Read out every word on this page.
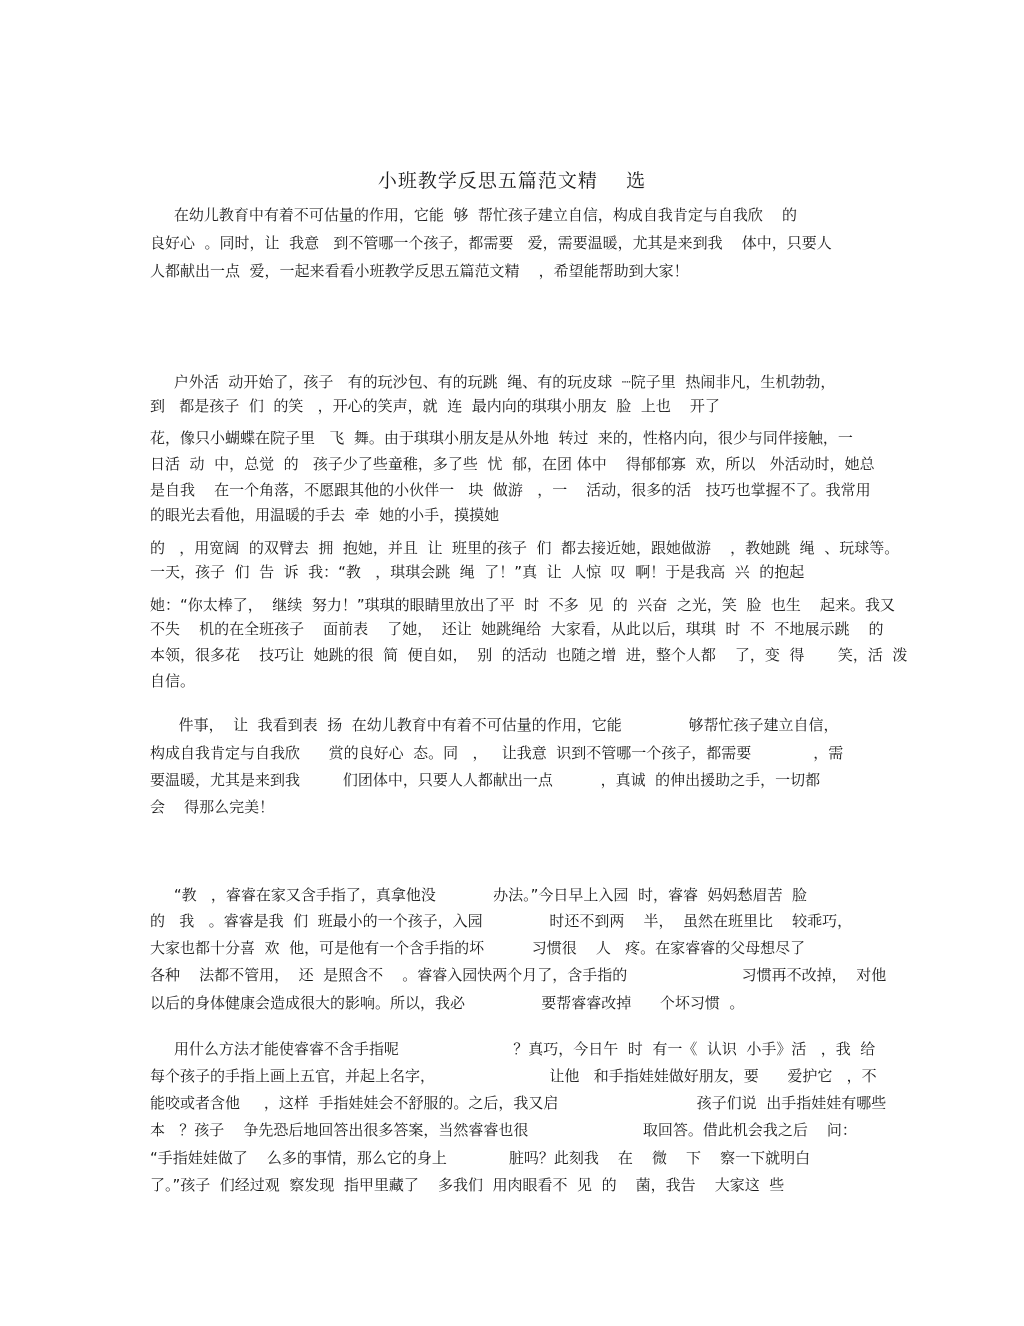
小班教学反思五篇范文精    选
在幼儿教育中有着不可估量的作用，它能  够  帮忙孩子建立自信，构成自我肯定与自我欣    的
良好心  。同时，让  我意   到不管哪一个孩子，都需要   爱，需要温暖，尤其是来到我    体中，只要人
人都献出一点  爱，一起来看看小班教学反思五篇范文精    ，希望能帮助到大家！
户外活  动开始了，孩子   有的玩沙包、有的玩跳  绳、有的玩皮球  ┈院子里  热闹非凡，生机勃勃，
到   都是孩子  们  的笑   ，开心的笑声，就  连  最内向的琪琪小朋友  脸  上也    开了
花，像只小蝴蝶在院子里   飞  舞。由于琪琪小朋友是从外地  转过  来的，性格内向，很少与同伴接触，一
日活  动  中，总觉  的   孩子少了些童稚，多了些  忧  郁，在团 体中    得郁郁寡  欢，所以   外活动时，她总
是自我    在一个角落，不愿跟其他的小伙伴一   块  做游   ，一    活动，很多的活   技巧也掌握不了。我常用
的眼光去看他，用温暖的手去  牵  她的小手，摸摸她
的   ，用宽阔  的双臂去  拥  抱她，并且  让  班里的孩子  们  都去接近她，跟她做游    ，教她跳  绳  、玩球等。
一天，孩子  们  告  诉  我：“教   ，琪琪会跳  绳  了！”真  让  人惊  叹  啊！于是我高  兴  的抱起
她：“你太棒了，  继续  努力！”琪琪的眼睛里放出了平  时  不多  见  的  兴奋  之光，笑  脸  也生    起来。我又
不失    机的在全班孩子    面前表    了她，  还让  她跳绳给  大家看，从此以后，琪琪  时  不  不地展示跳    的
本领，很多花    技巧让  她跳的很  简  便自如，  别  的活动  也随之增  进，整个人都    了，变  得       笑，活  泼
自信。
件事，  让  我看到表  扬  在幼儿教育中有着不可估量的作用，它能              够帮忙孩子建立自信，
构成自我肯定与自我欣      赏的良好心  态。同   ，   让我意  识到不管哪一个孩子，都需要             ，需
要温暖，尤其是来到我         们团体中，只要人人都献出一点          ，真诚  的伸出援助之手，一切都
会    得那么完美！
“教   ，睿睿在家又含手指了，真拿他没            办法。”今日早上入园  时，睿睿  妈妈愁眉苦  脸
的   我   。睿睿是我  们  班最小的一个孩子，入园              时还不到两    半，  虽然在班里比    较乖巧，
大家也都十分喜  欢  他，可是他有一个含手指的坏          习惯很    人   疼。在家睿睿的父母想尽了
各种    法都不管用，  还  是照含不    。睿睿入园快两个月了，含手指的                        习惯再不改掉，  对他
以后的身体健康会造成很大的影响。所以，我必                要帮睿睿改掉      个坏习惯  。
用什么方法才能使睿睿不含手指呢                        ？真巧，今日午  时  有一《  认识  小手》活   ，我  给
每个孩子的手指上画上五官，并起上名字，                        让他   和手指娃娃做好朋友，要      爱护它   ，不
能咬或者含他     ，这样  手指娃娃会不舒服的。之后，我又启                             孩子们说  出手指娃娃有哪些
本   ？孩子    争先恐后地回答出很多答案，当然睿睿也很                        取回答。借此机会我之后    问：
“手指娃娃做了    么多的事情，那么它的身上             脏吗？此刻我    在    微    下    察一下就明白
了。”孩子  们经过观  察发现  指甲里藏了    多我们  用肉眼看不  见  的    菌，我告    大家这  些
